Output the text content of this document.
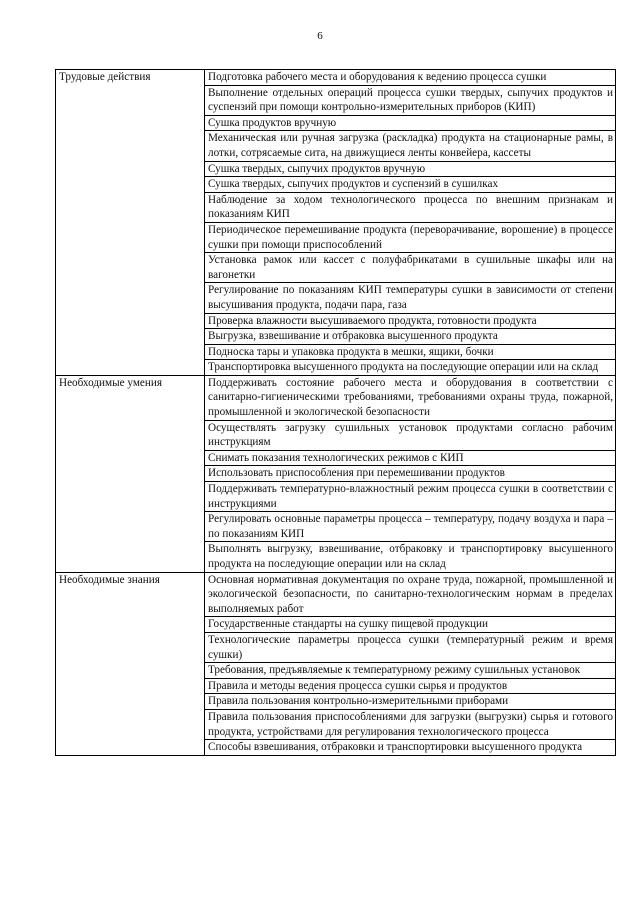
6
Трудовые действия	Подготовка рабочего места и оборудования к ведению процесса сушки
	Выполнение отдельных операций процесса сушки твердых, сыпучих продуктов и суспензий при помощи контрольно-измерительных приборов (КИП)
	Сушка продуктов вручную
	Механическая или ручная загрузка (раскладка) продукта на стационарные рамы, в лотки, сотрясаемые сита, на движущиеся ленты конвейера, кассеты
	Сушка твердых, сыпучих продуктов вручную
	Сушка твердых, сыпучих продуктов и суспензий в сушилках
	Наблюдение за ходом технологического процесса по внешним признакам и показаниям КИП
	Периодическое перемешивание продукта (переворачивание, ворошение) в процессе сушки при помощи приспособлений
	Установка рамок или кассет с полуфабрикатами в сушильные шкафы или на вагонетки
	Регулирование по показаниям КИП температуры сушки в зависимости от степени высушивания продукта, подачи пара, газа
	Проверка влажности высушиваемого продукта, готовности продукта
	Выгрузка, взвешивание и отбраковка высушенного продукта
	Подноска тары и упаковка продукта в мешки, ящики, бочки
	Транспортировка высушенного продукта на последующие операции или на склад
Необходимые умения	Поддерживать состояние рабочего места и оборудования в соответствии с санитарно-гигиеническими требованиями, требованиями охраны труда, пожарной, промышленной и экологической безопасности
	Осуществлять загрузку сушильных установок продуктами согласно рабочим инструкциям
	Снимать показания технологических режимов с КИП
	Использовать приспособления при перемешивании продуктов
	Поддерживать температурно-влажностный режим процесса сушки в соответствии с инструкциями
	Регулировать основные параметры процесса – температуру, подачу воздуха и пара – по показаниям КИП
	Выполнять выгрузку, взвешивание, отбраковку и транспортировку высушенного продукта на последующие операции или на склад
Необходимые знания	Основная нормативная документация по охране труда, пожарной, промышленной и экологической безопасности, по санитарно-технологическим нормам в пределах выполняемых работ
	Государственные стандарты на сушку пищевой продукции
	Технологические параметры процесса сушки (температурный режим и время сушки)
	Требования, предъявляемые к температурному режиму сушильных установок
	Правила и методы ведения процесса сушки сырья и продуктов
	Правила пользования контрольно-измерительными приборами
	Правила пользования приспособлениями для загрузки (выгрузки) сырья и готового продукта, устройствами для регулирования технологического процесса
	Способы взвешивания, отбраковки и транспортировки высушенного продукта
